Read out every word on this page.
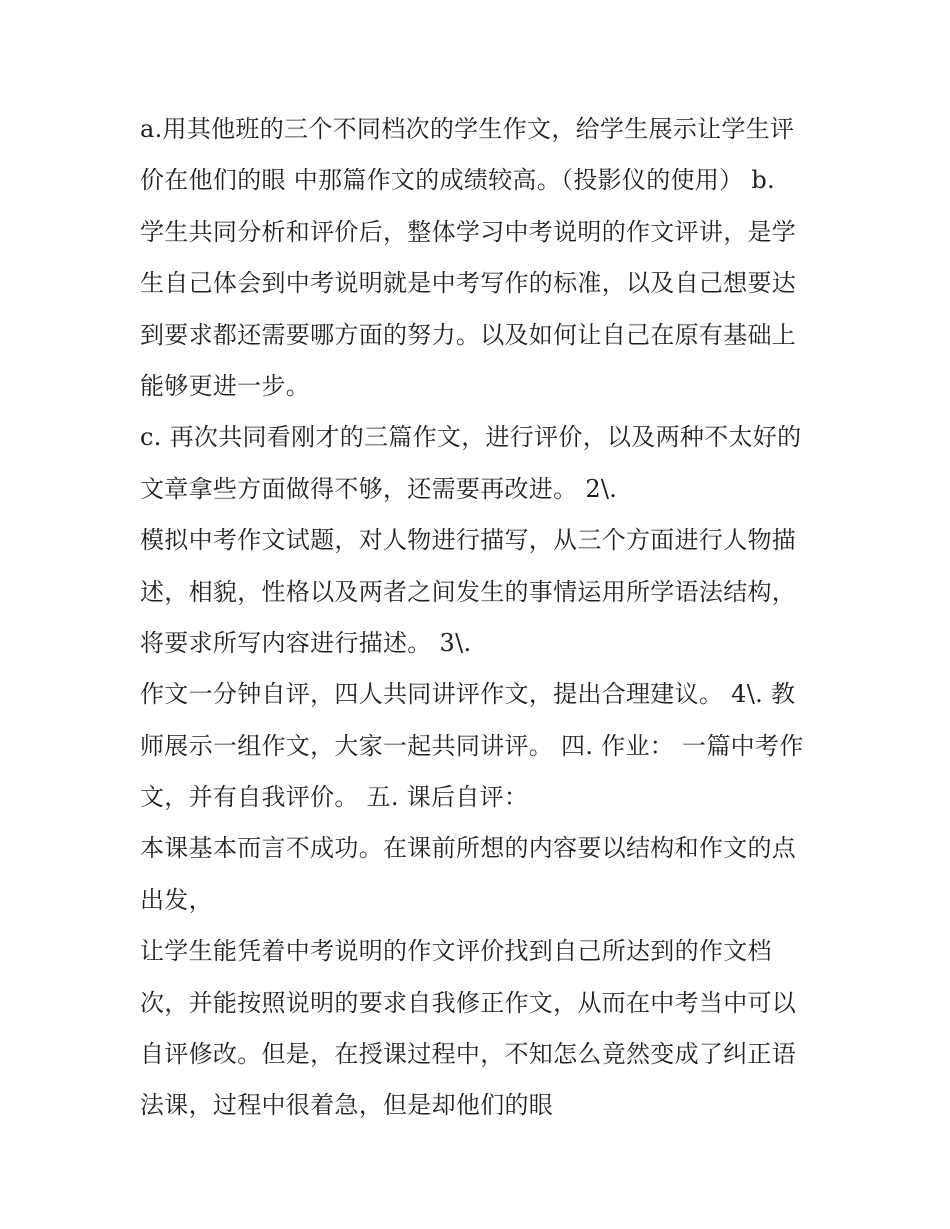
a.用其他班的三个不同档次的学生作文，给学生展示让学生评
价在他们的眼 中那篇作文的成绩较高。（投影仪的使用） b.
学生共同分析和评价后，整体学习中考说明的作文评讲，是学
生自己体会到中考说明就是中考写作的标准，以及自己想要达
到要求都还需要哪方面的努力。以及如何让自己在原有基础上
能够更进一步。
c. 再次共同看刚才的三篇作文，进行评价，以及两种不太好的
文章拿些方面做得不够，还需要再改进。 2\.
模拟中考作文试题，对人物进行描写，从三个方面进行人物描
述，相貌，性格以及两者之间发生的事情运用所学语法结构，
将要求所写内容进行描述。 3\.
作文一分钟自评，四人共同讲评作文，提出合理建议。 4\. 教
师展示一组作文，大家一起共同讲评。 四. 作业： 一篇中考作
文，并有自我评价。 五. 课后自评：
本课基本而言不成功。在课前所想的内容要以结构和作文的点
出发，
让学生能凭着中考说明的作文评价找到自己所达到的作文档
次，并能按照说明的要求自我修正作文，从而在中考当中可以
自评修改。但是，在授课过程中，不知怎么竟然变成了纠正语
法课，过程中很着急，但是却他们的眼
